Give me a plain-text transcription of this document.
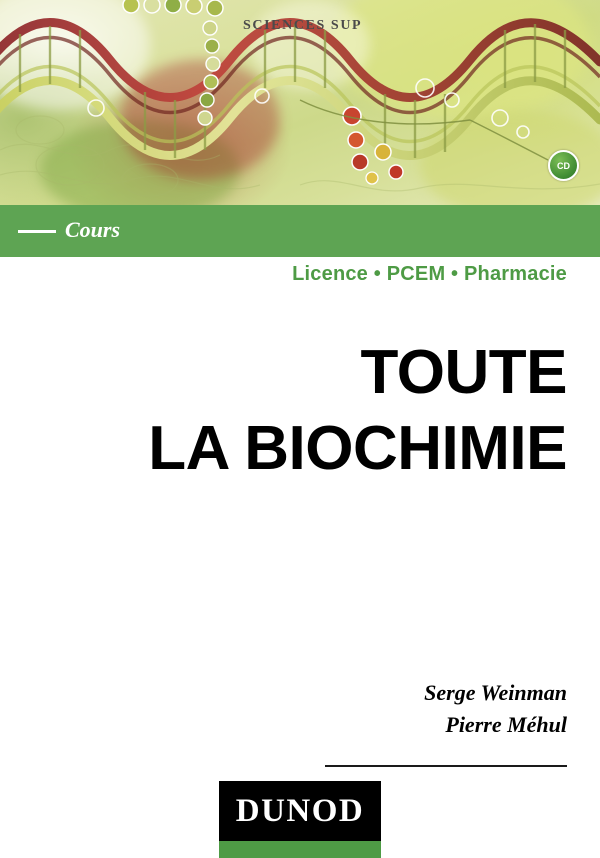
SCIENCES SUP
CD
Cours
Licence • PCEM • Pharmacie
TOUTE
LA BIOCHIMIE
Serge Weinman
Pierre Méhul
DUNOD
